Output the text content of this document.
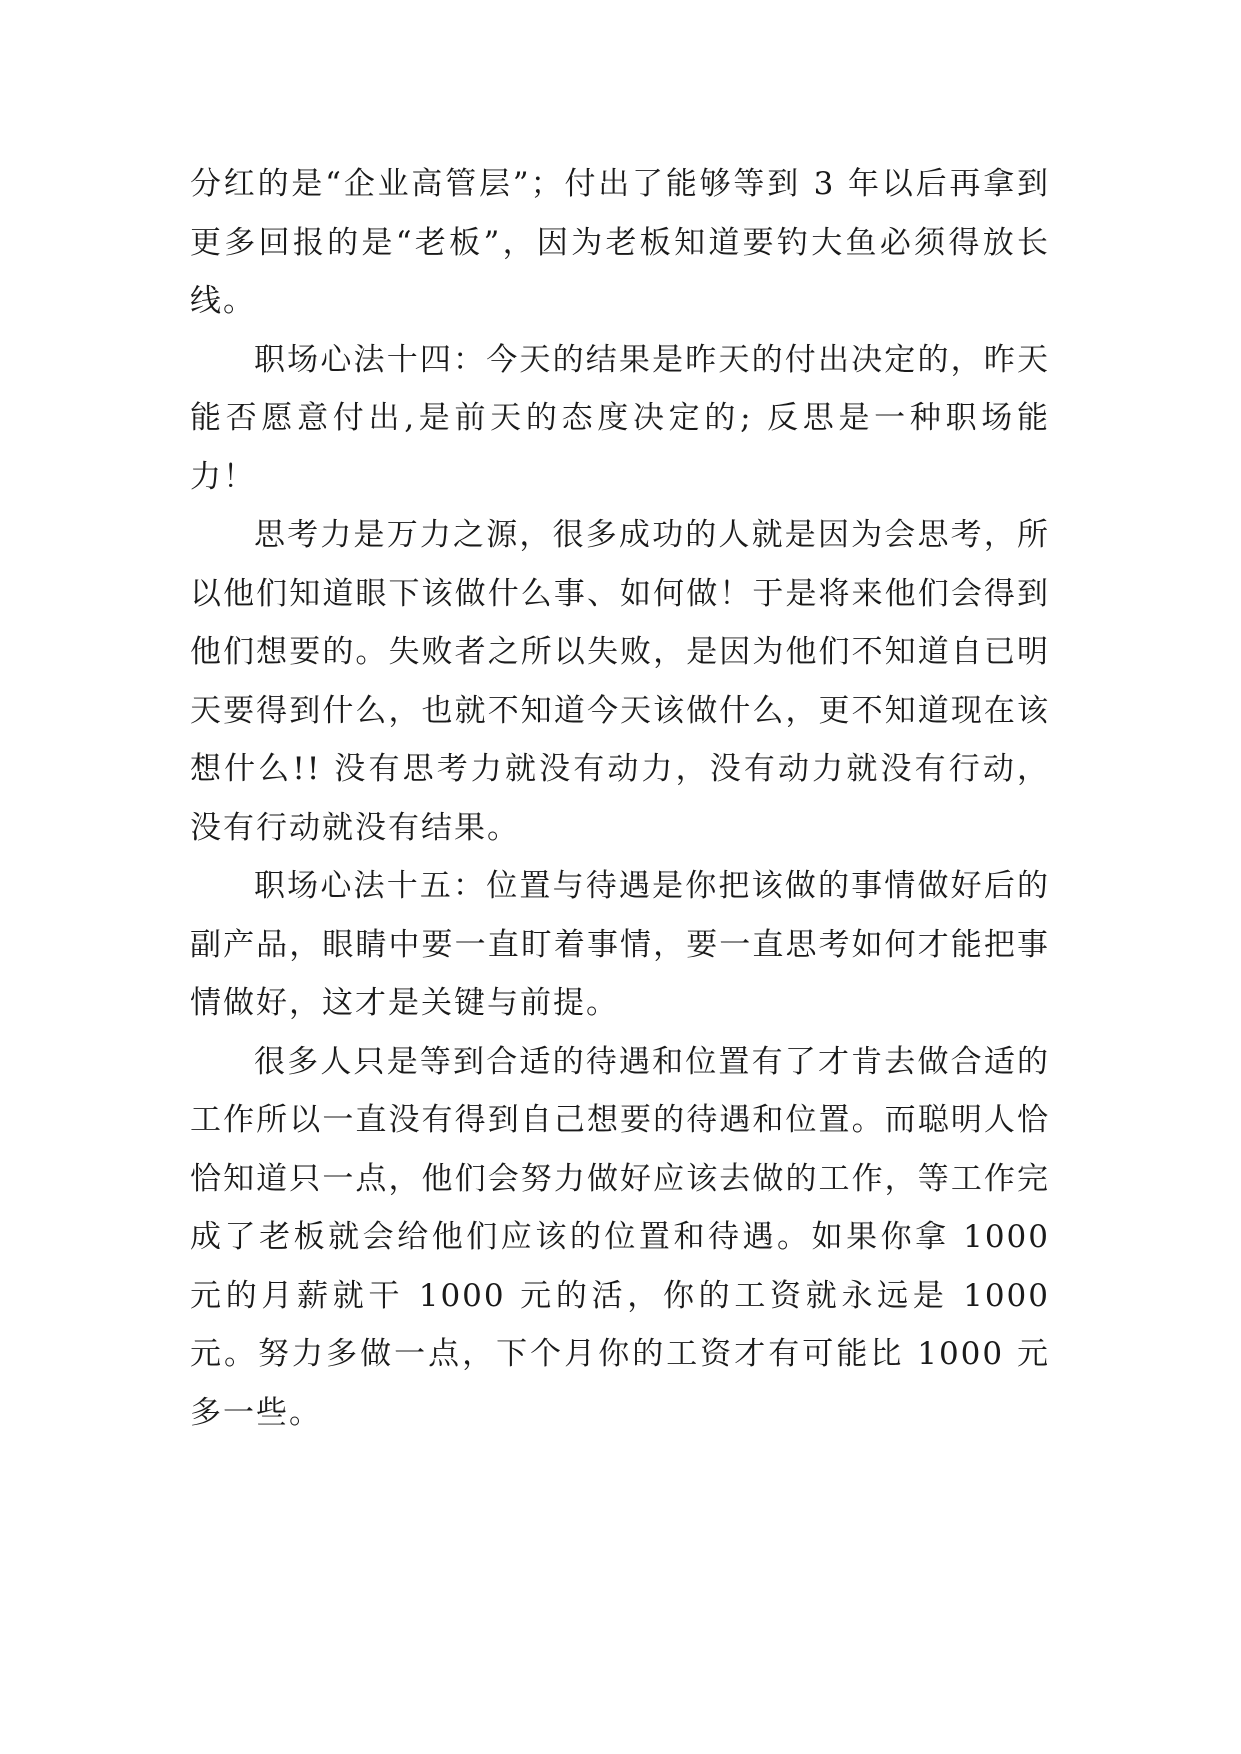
分红的是“企业高管层”；付出了能够等到 3 年以后再拿到更多回报的是“老板”，因为老板知道要钓大鱼必须得放长线。

职场心法十四：今天的结果是昨天的付出决定的，昨天能否愿意付出,是前天的态度决定的; 反思是一种职场能力！

思考力是万力之源，很多成功的人就是因为会思考，所以他们知道眼下该做什么事、如何做！于是将来他们会得到他们想要的。失败者之所以失败，是因为他们不知道自已明天要得到什么，也就不知道今天该做什么，更不知道现在该想什么!! 没有思考力就没有动力，没有动力就没有行动，没有行动就没有结果。

职场心法十五：位置与待遇是你把该做的事情做好后的副产品，眼睛中要一直盯着事情，要一直思考如何才能把事情做好，这才是关键与前提。

很多人只是等到合适的待遇和位置有了才肯去做合适的工作所以一直没有得到自己想要的待遇和位置。而聪明人恰恰知道只一点，他们会努力做好应该去做的工作，等工作完成了老板就会给他们应该的位置和待遇。如果你拿 1000 元的月薪就干 1000 元的活，你的工资就永远是 1000 元。努力多做一点，下个月你的工资才有可能比 1000 元多一些。
